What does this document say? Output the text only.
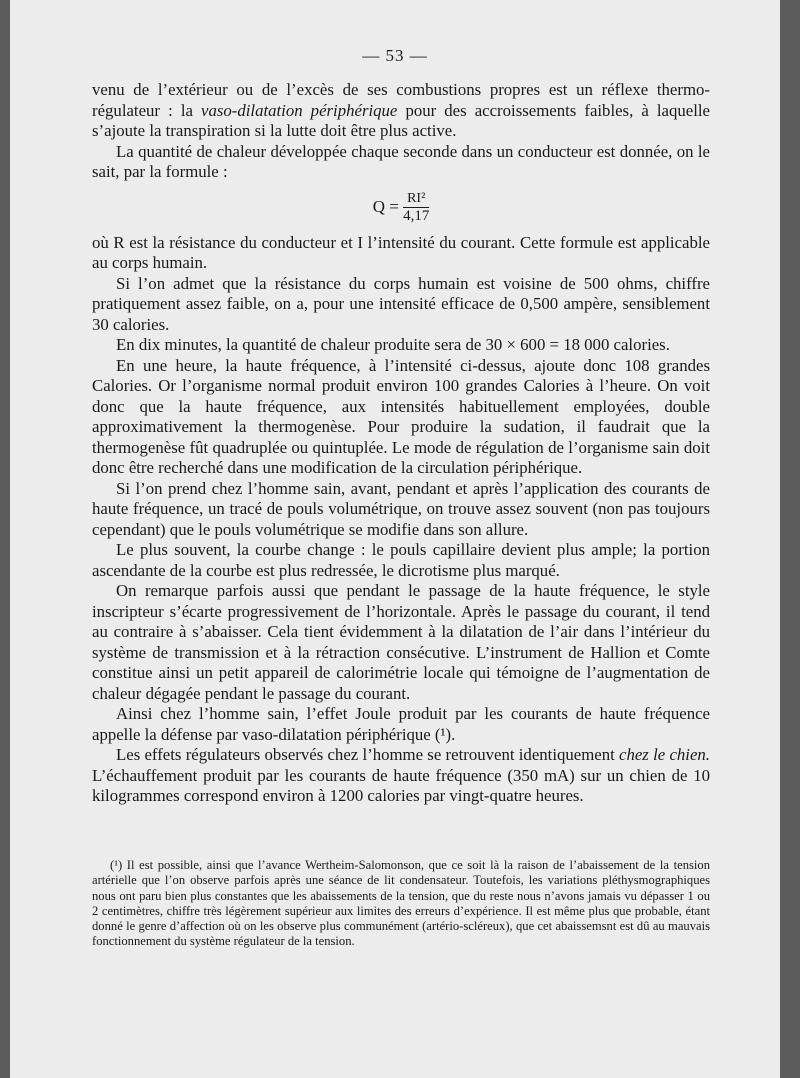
— 53 —

venu de l’extérieur ou de l’excès de ses combustions propres est un réflexe thermo-régulateur : la vaso-dilatation périphérique pour des accroissements faibles, à laquelle s’ajoute la transpiration si la lutte doit être plus active.

La quantité de chaleur développée chaque seconde dans un conducteur est donnée, on le sait, par la formule :

$Q = \frac{\text{RI²}}{4,17}$

où R est la résistance du conducteur et I l’intensité du courant. Cette formule est applicable au corps humain.

Si l’on admet que la résistance du corps humain est voisine de 500 ohms, chiffre pratiquement assez faible, on a, pour une intensité efficace de 0,500 ampère, sensiblement 30 calories.

En dix minutes, la quantité de chaleur produite sera de 30 × 600 = 18 000 calories.

En une heure, la haute fréquence, à l’intensité ci-dessus, ajoute donc 108 grandes Calories. Or l’organisme normal produit environ 100 grandes Calories à l’heure. On voit donc que la haute fréquence, aux intensités habituellement employées, double approximativement la thermogenèse. Pour produire la sudation, il faudrait que la thermogenèse fût quadruplée ou quintuplée. Le mode de régulation de l’organisme sain doit donc être recherché dans une modification de la circulation périphérique.

Si l’on prend chez l’homme sain, avant, pendant et après l’application des courants de haute fréquence, un tracé de pouls volumétrique, on trouve assez souvent (non pas toujours cependant) que le pouls volumétrique se modifie dans son allure.

Le plus souvent, la courbe change : le pouls capillaire devient plus ample; la portion ascendante de la courbe est plus redressée, le dicrotisme plus marqué.

On remarque parfois aussi que pendant le passage de la haute fréquence, le style inscripteur s’écarte progressivement de l’horizontale. Après le passage du courant, il tend au contraire à s’abaisser. Cela tient évidemment à la dilatation de l’air dans l’intérieur du système de transmission et à la rétraction consécutive. L’instrument de Hallion et Comte constitue ainsi un petit appareil de calorimétrie locale qui témoigne de l’augmentation de chaleur dégagée pendant le passage du courant.

Ainsi chez l’homme sain, l’effet Joule produit par les courants de haute fréquence appelle la défense par vaso-dilatation périphérique (¹).

Les effets régulateurs observés chez l’homme se retrouvent identiquement chez le chien. L’échauffement produit par les courants de haute fréquence (350 mA) sur un chien de 10 kilogrammes correspond environ à 1200 calories par vingt-quatre heures.

(¹) Il est possible, ainsi que l’avance Wertheim-Salomonson, que ce soit là la raison de l’abaissement de la tension artérielle que l’on observe parfois après une séance de lit condensateur. Toutefois, les variations pléthysmographiques nous ont paru bien plus constantes que les abaissements de la tension, que du reste nous n’avons jamais vu dépasser 1 ou 2 centimètres, chiffre très légèrement supérieur aux limites des erreurs d’expérience. Il est même plus que probable, étant donné le genre d’affection où on les observe plus communément (artério-scléreux), que cet abaissemsnt est dû au mauvais fonctionnement du système régulateur de la tension.
